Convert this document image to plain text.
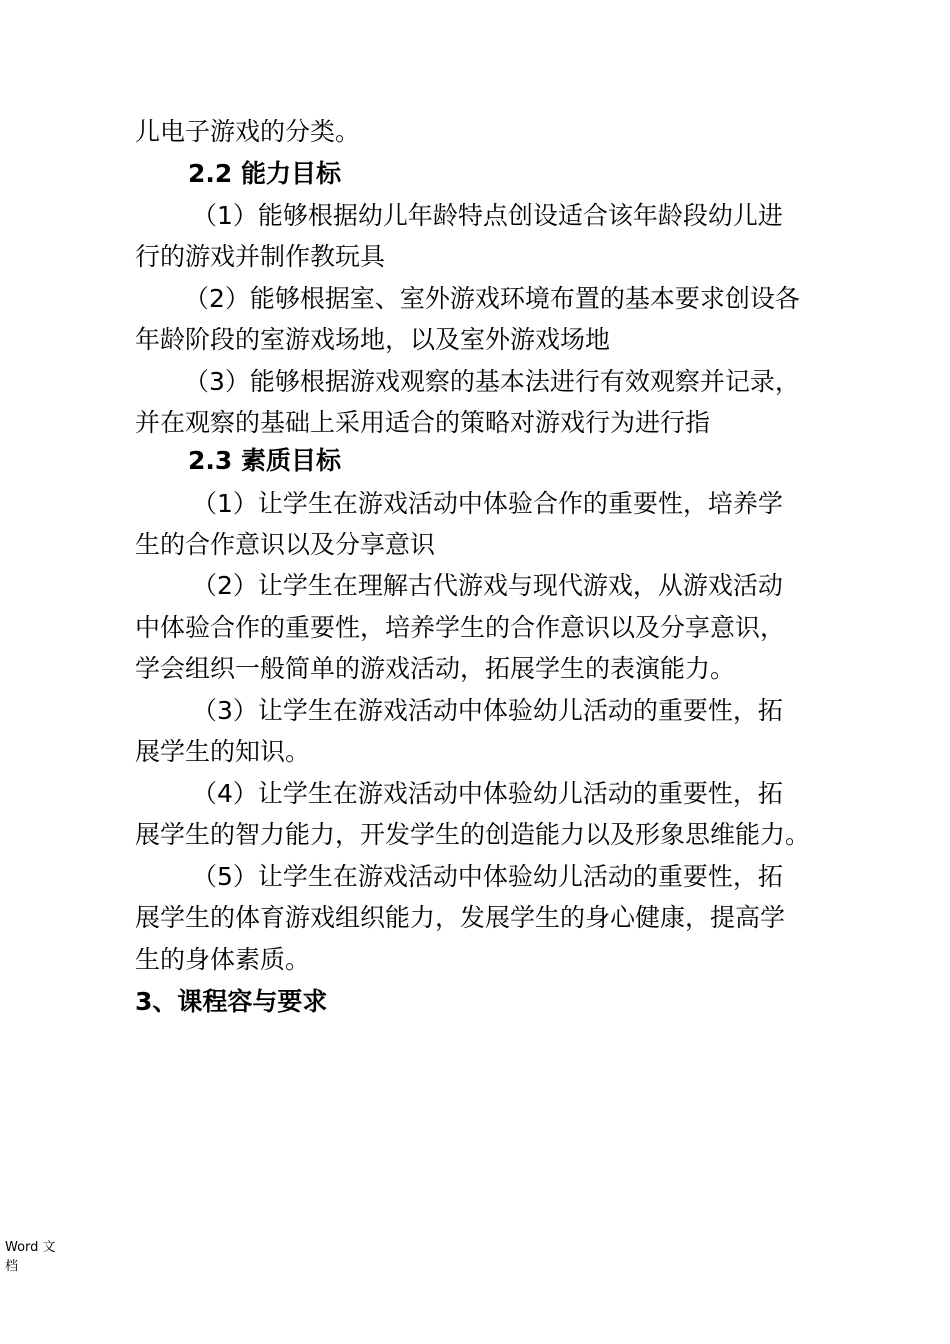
儿电子游戏的分类。
2.2 能力目标
（1）能够根据幼儿年龄特点创设适合该年龄段幼儿进
行的游戏并制作教玩具
（2）能够根据室、室外游戏环境布置的基本要求创设各
年龄阶段的室游戏场地，以及室外游戏场地
（3）能够根据游戏观察的基本法进行有效观察并记录，
并在观察的基础上采用适合的策略对游戏行为进行指
2.3 素质目标
（1）让学生在游戏活动中体验合作的重要性，培养学
生的合作意识以及分享意识
（2）让学生在理解古代游戏与现代游戏，从游戏活动
中体验合作的重要性，培养学生的合作意识以及分享意识，
学会组织一般简单的游戏活动，拓展学生的表演能力。
（3）让学生在游戏活动中体验幼儿活动的重要性，拓
展学生的知识。
（4）让学生在游戏活动中体验幼儿活动的重要性，拓
展学生的智力能力，开发学生的创造能力以及形象思维能力。
（5）让学生在游戏活动中体验幼儿活动的重要性，拓
展学生的体育游戏组织能力，发展学生的身心健康，提高学
生的身体素质。
3、课程容与要求
Word 文
档
